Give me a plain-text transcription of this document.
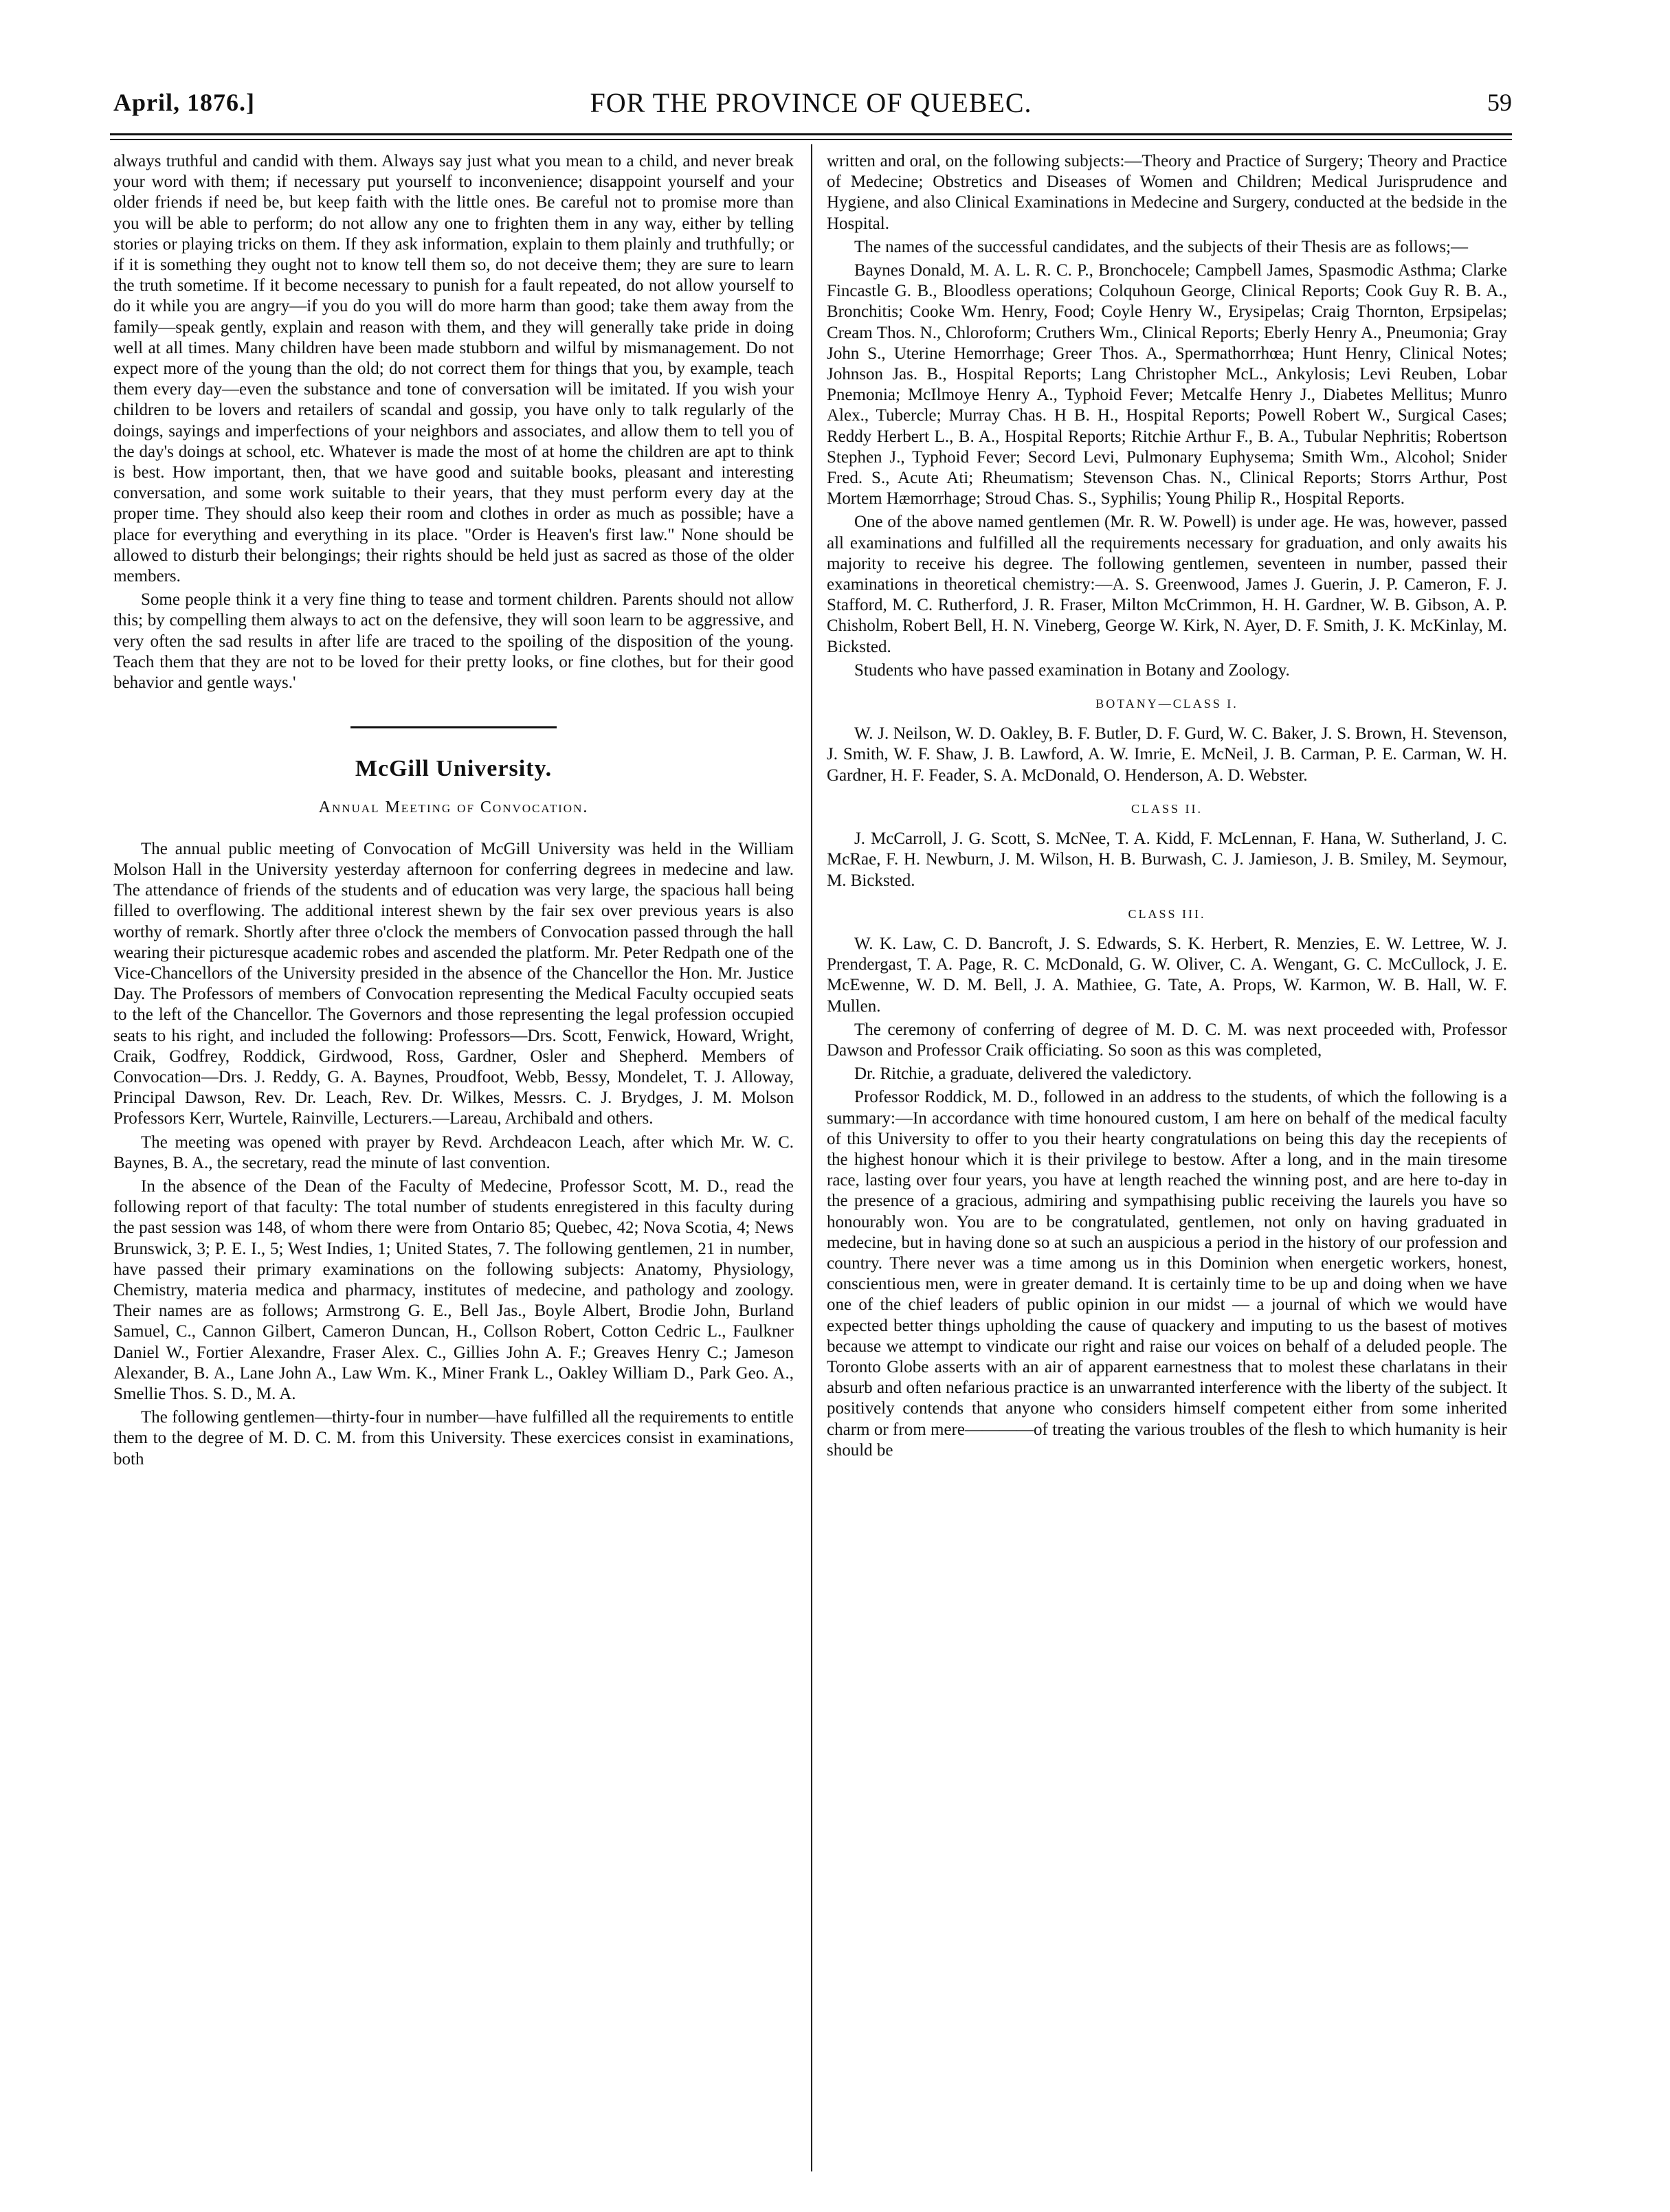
April, 1876.]	FOR THE PROVINCE OF QUEBEC.	59

always truthful and candid with them. Always say just what you mean to a child, and never break your word with them; if necessary put yourself to inconvenience; disappoint yourself and your older friends if need be, but keep faith with the little ones. Be careful not to promise more than you will be able to perform; do not allow any one to frighten them in any way, either by telling stories or playing tricks on them. If they ask information, explain to them plainly and truthfully; or if it is something they ought not to know tell them so, do not deceive them; they are sure to learn the truth sometime. If it become necessary to punish for a fault repeated, do not allow yourself to do it while you are angry—if you do you will do more harm than good; take them away from the family—speak gently, explain and reason with them, and they will generally take pride in doing well at all times. Many children have been made stubborn and wilful by mismanagement. Do not expect more of the young than the old; do not correct them for things that you, by example, teach them every day—even the substance and tone of conversation will be imitated. If you wish your children to be lovers and retailers of scandal and gossip, you have only to talk regularly of the doings, sayings and imperfections of your neighbors and associates, and allow them to tell you of the day's doings at school, etc. Whatever is made the most of at home the children are apt to think is best. How important, then, that we have good and suitable books, pleasant and interesting conversation, and some work suitable to their years, that they must perform every day at the proper time. They should also keep their room and clothes in order as much as possible; have a place for everything and everything in its place. "Order is Heaven's first law." None should be allowed to disturb their belongings; their rights should be held just as sacred as those of the older members.

Some people think it a very fine thing to tease and torment children. Parents should not allow this; by compelling them always to act on the defensive, they will soon learn to be aggressive, and very often the sad results in after life are traced to the spoiling of the disposition of the young. Teach them that they are not to be loved for their pretty looks, or fine clothes, but for their good behavior and gentle ways.'

McGill University.
Annual Meeting of Convocation.

The annual public meeting of Convocation of McGill University was held in the William Molson Hall in the University yesterday afternoon for conferring degrees in medecine and law. The attendance of friends of the students and of education was very large, the spacious hall being filled to overflowing. The additional interest shewn by the fair sex over previous years is also worthy of remark. Shortly after three o'clock the members of Convocation passed through the hall wearing their picturesque academic robes and ascended the platform. Mr. Peter Redpath one of the Vice-Chancellors of the University presided in the absence of the Chancellor the Hon. Mr. Justice Day. The Professors of members of Convocation representing the Medical Faculty occupied seats to the left of the Chancellor. The Governors and those representing the legal profession occupied seats to his right, and included the following: Professors—Drs. Scott, Fenwick, Howard, Wright, Craik, Godfrey, Roddick, Girdwood, Ross, Gardner, Osler and Shepherd. Members of Convocation—Drs. J. Reddy, G. A. Baynes, Proudfoot, Webb, Bessy, Mondelet, T. J. Alloway, Principal Dawson, Rev. Dr. Leach, Rev. Dr. Wilkes, Messrs. C. J. Brydges, J. M. Molson Professors Kerr, Wurtele, Rainville, Lecturers.—Lareau, Archibald and others.

The meeting was opened with prayer by Revd. Archdeacon Leach, after which Mr. W. C. Baynes, B. A., the secretary, read the minute of last convention.

In the absence of the Dean of the Faculty of Medecine, Professor Scott, M. D., read the following report of that faculty: The total number of students enregistered in this faculty during the past session was 148, of whom there were from Ontario 85; Quebec, 42; Nova Scotia, 4; News Brunswick, 3; P. E. I., 5; West Indies, 1; United States, 7. The following gentlemen, 21 in number, have passed their primary examinations on the following subjects: Anatomy, Physiology, Chemistry, materia medica and pharmacy, institutes of medecine, and pathology and zoology. Their names are as follows; Armstrong G. E., Bell Jas., Boyle Albert, Brodie John, Burland Samuel, C., Cannon Gilbert, Cameron Duncan, H., Collson Robert, Cotton Cedric L., Faulkner Daniel W., Fortier Alexandre, Fraser Alex. C., Gillies John A. F.; Greaves Henry C.; Jameson Alexander, B. A., Lane John A., Law Wm. K., Miner Frank L., Oakley William D., Park Geo. A., Smellie Thos. S. D., M. A.

The following gentlemen—thirty-four in number—have fulfilled all the requirements to entitle them to the degree of M. D. C. M. from this University. These exercices consist in examinations, both

written and oral, on the following subjects:—Theory and Practice of Surgery; Theory and Practice of Medecine; Obstretics and Diseases of Women and Children; Medical Jurisprudence and Hygiene, and also Clinical Examinations in Medecine and Surgery, conducted at the bedside in the Hospital.

The names of the successful candidates, and the subjects of their Thesis are as follows;—

Baynes Donald, M. A. L. R. C. P., Bronchocele; Campbell James, Spasmodic Asthma; Clarke Fincastle G. B., Bloodless operations; Colquhoun George, Clinical Reports; Cook Guy R. B. A., Bronchitis; Cooke Wm. Henry, Food; Coyle Henry W., Erysipelas; Craig Thornton, Erpsipelas; Cream Thos. N., Chloroform; Cruthers Wm., Clinical Reports; Eberly Henry A., Pneumonia; Gray John S., Uterine Hemorrhage; Greer Thos. A., Spermathorrhœa; Hunt Henry, Clinical Notes; Johnson Jas. B., Hospital Reports; Lang Christopher McL., Ankylosis; Levi Reuben, Lobar Pnemonia; McIlmoye Henry A., Typhoid Fever; Metcalfe Henry J., Diabetes Mellitus; Munro Alex., Tubercle; Murray Chas. H B. H., Hospital Reports; Powell Robert W., Surgical Cases; Reddy Herbert L., B. A., Hospital Reports; Ritchie Arthur F., B. A., Tubular Nephritis; Robertson Stephen J., Typhoid Fever; Secord Levi, Pulmonary Euphysema; Smith Wm., Alcohol; Snider Fred. S., Acute Ati; Rheumatism; Stevenson Chas. N., Clinical Reports; Storrs Arthur, Post Mortem Hæmorrhage; Stroud Chas. S., Syphilis; Young Philip R., Hospital Reports.

One of the above named gentlemen (Mr. R. W. Powell) is under age. He was, however, passed all examinations and fulfilled all the requirements necessary for graduation, and only awaits his majority to receive his degree. The following gentlemen, seventeen in number, passed their examinations in theoretical chemistry:—A. S. Greenwood, James J. Guerin, J. P. Cameron, F. J. Stafford, M. C. Rutherford, J. R. Fraser, Milton McCrimmon, H. H. Gardner, W. B. Gibson, A. P. Chisholm, Robert Bell, H. N. Vineberg, George W. Kirk, N. Ayer, D. F. Smith, J. K. McKinlay, M. Bicksted.

Students who have passed examination in Botany and Zoology.

BOTANY—CLASS I.

W. J. Neilson, W. D. Oakley, B. F. Butler, D. F. Gurd, W. C. Baker, J. S. Brown, H. Stevenson, J. Smith, W. F. Shaw, J. B. Lawford, A. W. Imrie, E. McNeil, J. B. Carman, P. E. Carman, W. H. Gardner, H. F. Feader, S. A. McDonald, O. Henderson, A. D. Webster.

CLASS II.

J. McCarroll, J. G. Scott, S. McNee, T. A. Kidd, F. McLennan, F. Hana, W. Sutherland, J. C. McRae, F. H. Newburn, J. M. Wilson, H. B. Burwash, C. J. Jamieson, J. B. Smiley, M. Seymour, M. Bicksted.

CLASS III.

W. K. Law, C. D. Bancroft, J. S. Edwards, S. K. Herbert, R. Menzies, E. W. Lettree, W. J. Prendergast, T. A. Page, R. C. McDonald, G. W. Oliver, C. A. Wengant, G. C. McCullock, J. E. McEwenne, W. D. M. Bell, J. A. Mathiee, G. Tate, A. Props, W. Karmon, W. B. Hall, W. F. Mullen.

The ceremony of conferring of degree of M. D. C. M. was next proceeded with, Professor Dawson and Professor Craik officiating. So soon as this was completed,

Dr. Ritchie, a graduate, delivered the valedictory.

Professor Roddick, M. D., followed in an address to the students, of which the following is a summary:—In accordance with time honoured custom, I am here on behalf of the medical faculty of this University to offer to you their hearty congratulations on being this day the recepients of the highest honour which it is their privilege to bestow. After a long, and in the main tiresome race, lasting over four years, you have at length reached the winning post, and are here to-day in the presence of a gracious, admiring and sympathising public receiving the laurels you have so honourably won. You are to be congratulated, gentlemen, not only on having graduated in medecine, but in having done so at such an auspicious a period in the history of our profession and country. There never was a time among us in this Dominion when energetic workers, honest, conscientious men, were in greater demand. It is certainly time to be up and doing when we have one of the chief leaders of public opinion in our midst — a journal of which we would have expected better things upholding the cause of quackery and imputing to us the basest of motives because we attempt to vindicate our right and raise our voices on behalf of a deluded people. The Toronto Globe asserts with an air of apparent earnestness that to molest these charlatans in their absurb and often nefarious practice is an unwarranted interference with the liberty of the subject. It positively contends that anyone who considers himself competent either from some inherited charm or from mere————of treating the various troubles of the flesh to which humanity is heir should be
